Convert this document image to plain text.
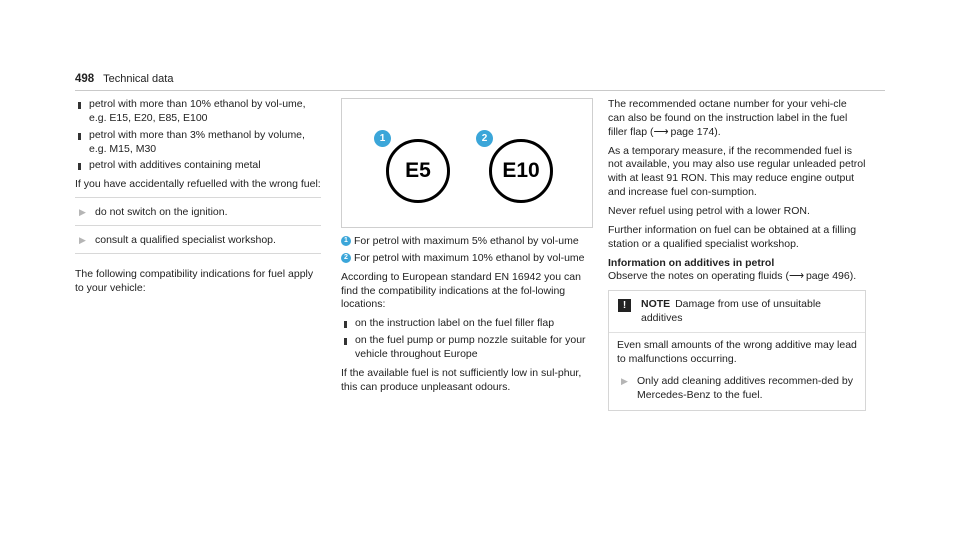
498 Technical data
petrol with more than 10% ethanol by vol-ume, e.g. E15, E20, E85, E100
petrol with more than 3% methanol by volume, e.g. M15, M30
petrol with additives containing metal

If you have accidentally refuelled with the wrong fuel:

▶ do not switch on the ignition.
▶ consult a qualified specialist workshop.

The following compatibility indications for fuel apply to your vehicle:

1
E5
2
E10
1 For petrol with maximum 5% ethanol by vol-ume
2 For petrol with maximum 10% ethanol by vol-ume

According to European standard EN 16942 you can find the compatibility indications at the fol-lowing locations:

on the instruction label on the fuel filler flap
on the fuel pump or pump nozzle suitable for your vehicle throughout Europe

If the available fuel is not sufficiently low in sul-phur, this can produce unpleasant odours.

The recommended octane number for your vehi-cle can also be found on the instruction label in the fuel filler flap (⟶ page 174).

As a temporary measure, if the recommended fuel is not available, you may also use regular unleaded petrol with at least 91 RON. This may reduce engine output and increase fuel con-sumption.

Never refuel using petrol with a lower RON.

Further information on fuel can be obtained at a filling station or a qualified specialist workshop.

Information on additives in petrol

Observe the notes on operating fluids (⟶ page 496).

!	NOTE Damage from use of unsuitable additives

Even small amounts of the wrong additive may lead to malfunctions occurring.

▶ Only add cleaning additives recommen-ded by Mercedes-Benz to the fuel.
